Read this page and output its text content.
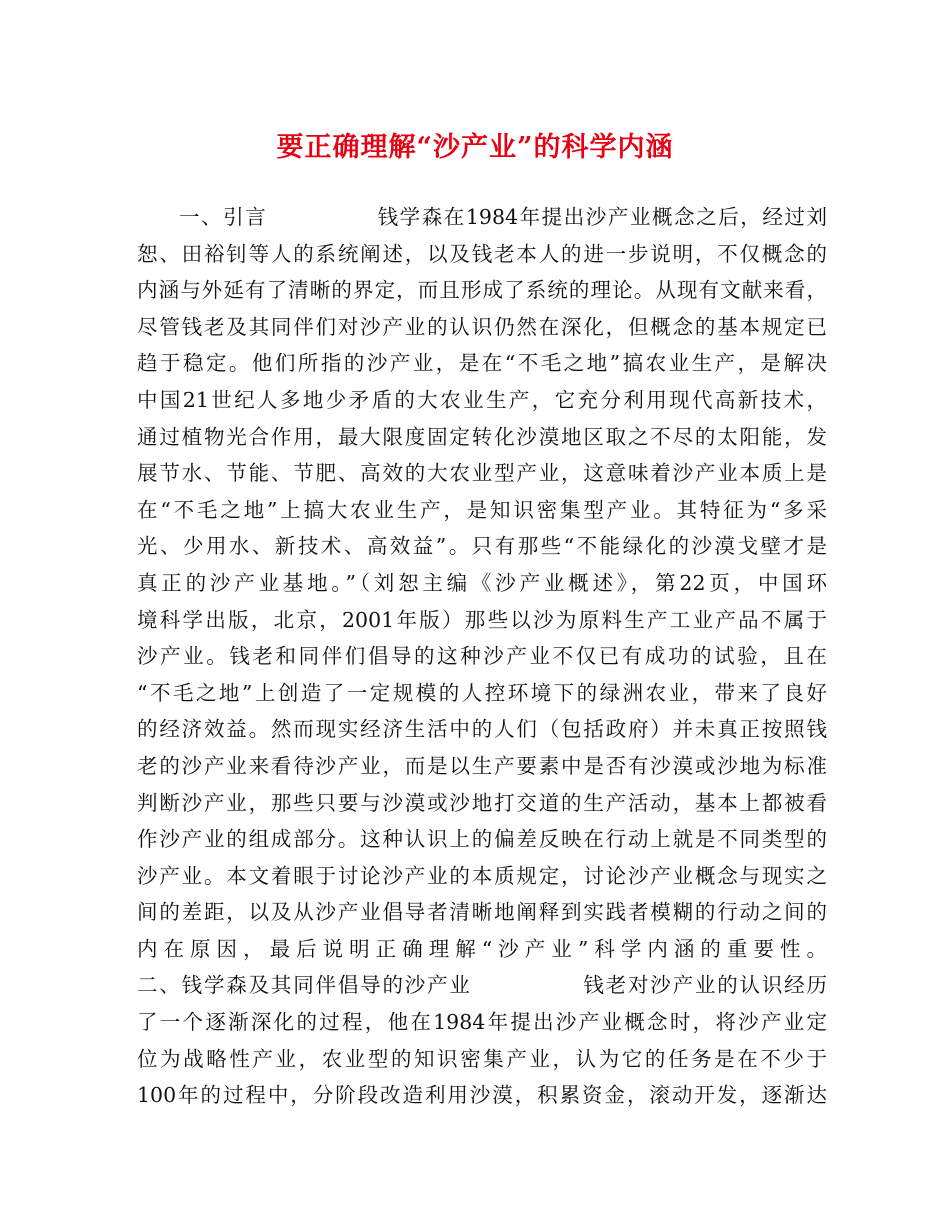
要正确理解“沙产业”的科学内涵
一、引言　　　　　钱学森在1984年提出沙产业概念之后，经过刘
恕、田裕钊等人的系统阐述，以及钱老本人的进一步说明，不仅概念的
内涵与外延有了清晰的界定，而且形成了系统的理论。从现有文献来看，
尽管钱老及其同伴们对沙产业的认识仍然在深化，但概念的基本规定已
趋于稳定。他们所指的沙产业，是在“不毛之地”搞农业生产，是解决
中国21世纪人多地少矛盾的大农业生产，它充分利用现代高新技术，
通过植物光合作用，最大限度固定转化沙漠地区取之不尽的太阳能，发
展节水、节能、节肥、高效的大农业型产业，这意味着沙产业本质上是
在“不毛之地”上搞大农业生产，是知识密集型产业。其特征为“多采
光、少用水、新技术、高效益”。只有那些“不能绿化的沙漠戈壁才是
真正的沙产业基地。”（刘恕主编《沙产业概述》，第22页，中国环
境科学出版，北京，2001年版）那些以沙为原料生产工业产品不属于
沙产业。钱老和同伴们倡导的这种沙产业不仅已有成功的试验，且在
“不毛之地”上创造了一定规模的人控环境下的绿洲农业，带来了良好
的经济效益。然而现实经济生活中的人们（包括政府）并未真正按照钱
老的沙产业来看待沙产业，而是以生产要素中是否有沙漠或沙地为标准
判断沙产业，那些只要与沙漠或沙地打交道的生产活动，基本上都被看
作沙产业的组成部分。这种认识上的偏差反映在行动上就是不同类型的
沙产业。本文着眼于讨论沙产业的本质规定，讨论沙产业概念与现实之
间的差距，以及从沙产业倡导者清晰地阐释到实践者模糊的行动之间的
内在原因，最后说明正确理解“沙产业”科学内涵的重要性。
二、钱学森及其同伴倡导的沙产业　　　　　钱老对沙产业的认识经历
了一个逐渐深化的过程，他在1984年提出沙产业概念时，将沙产业定
位为战略性产业，农业型的知识密集产业，认为它的任务是在不少于
100年的过程中，分阶段改造利用沙漠，积累资金，滚动开发，逐渐达
